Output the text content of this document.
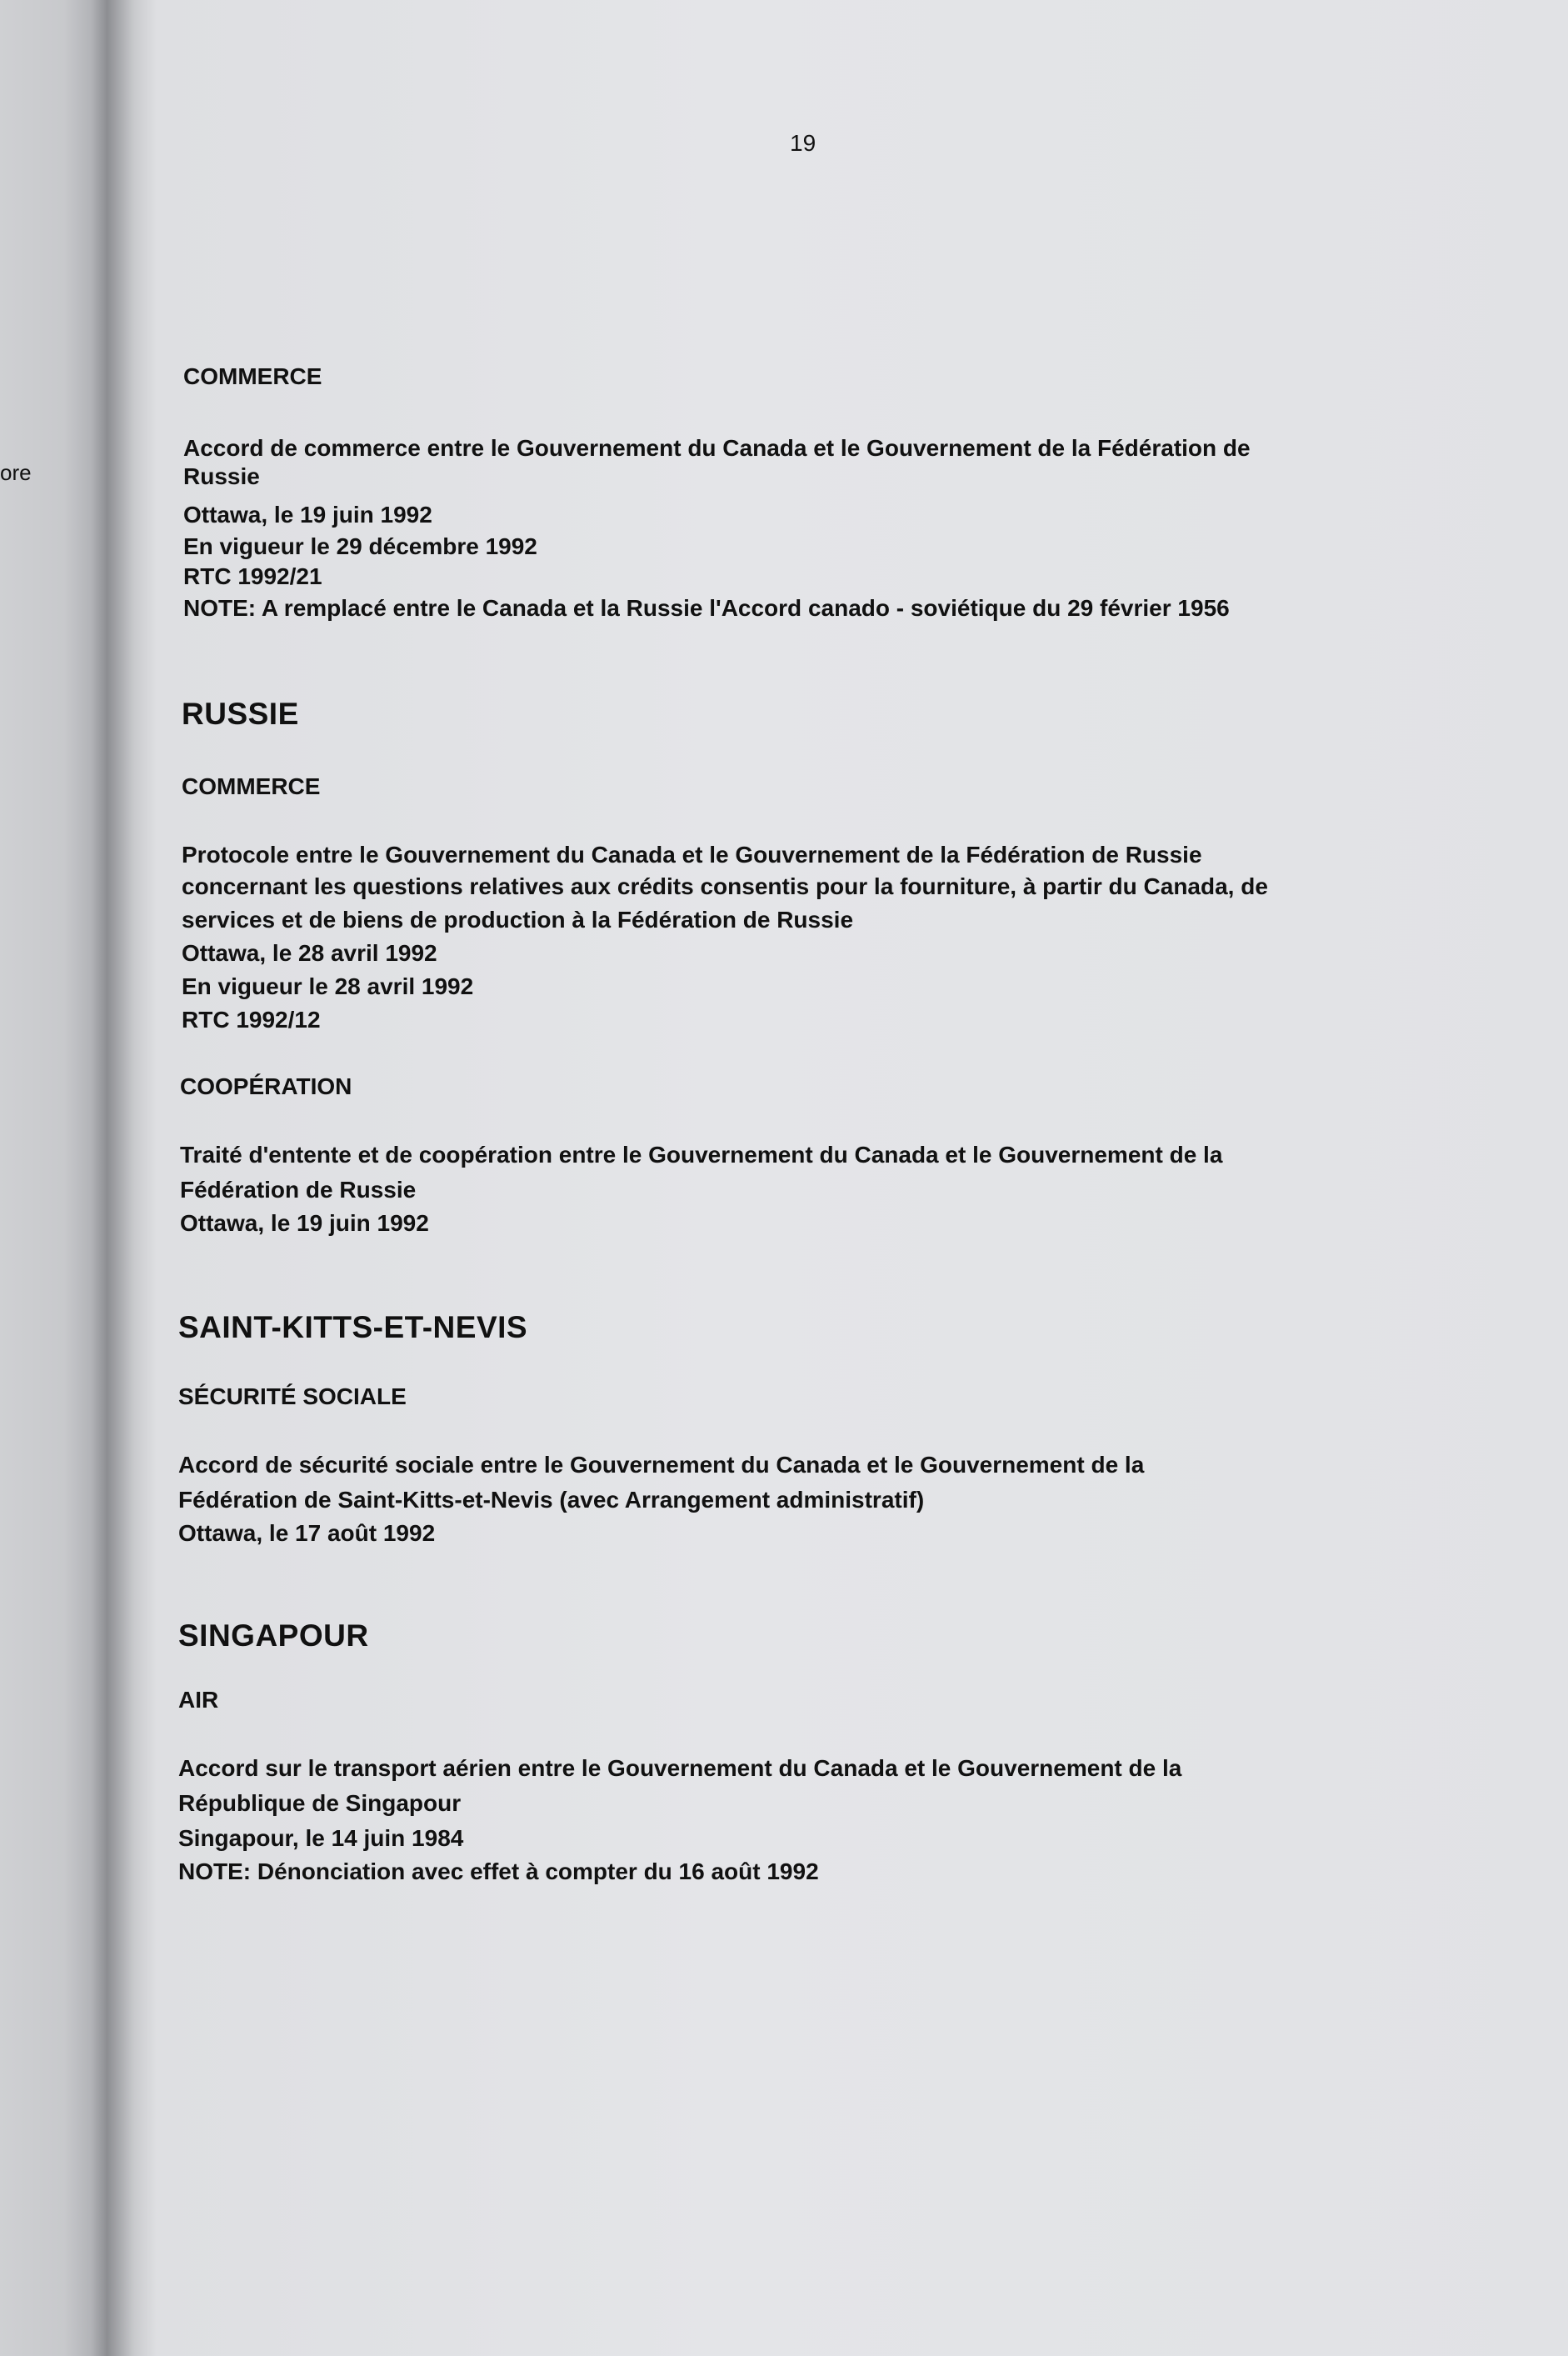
ore
19
COMMERCE
Accord de commerce entre le Gouvernement du Canada et le Gouvernement de la Fédération de
Russie
Ottawa, le 19 juin 1992
En vigueur le 29 décembre 1992
RTC 1992/21
NOTE: A remplacé entre le Canada et la Russie l'Accord canado - soviétique du 29 février 1956
RUSSIE
COMMERCE
Protocole entre le Gouvernement du Canada et le Gouvernement de la Fédération de Russie
concernant les questions relatives aux crédits consentis pour la fourniture, à partir du Canada, de
services et de biens de production à la Fédération de Russie
Ottawa, le 28 avril 1992
En vigueur le 28 avril 1992
RTC 1992/12
COOPÉRATION
Traité d'entente et de coopération entre le Gouvernement du Canada et le Gouvernement de la
Fédération de Russie
Ottawa, le 19 juin 1992
SAINT-KITTS-ET-NEVIS
SÉCURITÉ SOCIALE
Accord de sécurité sociale entre le Gouvernement du Canada et le Gouvernement de la
Fédération de Saint-Kitts-et-Nevis (avec Arrangement administratif)
Ottawa, le 17 août 1992
SINGAPOUR
AIR
Accord sur le transport aérien entre le Gouvernement du Canada et le Gouvernement de la
République de Singapour
Singapour, le 14 juin 1984
NOTE: Dénonciation avec effet à compter du 16 août 1992
